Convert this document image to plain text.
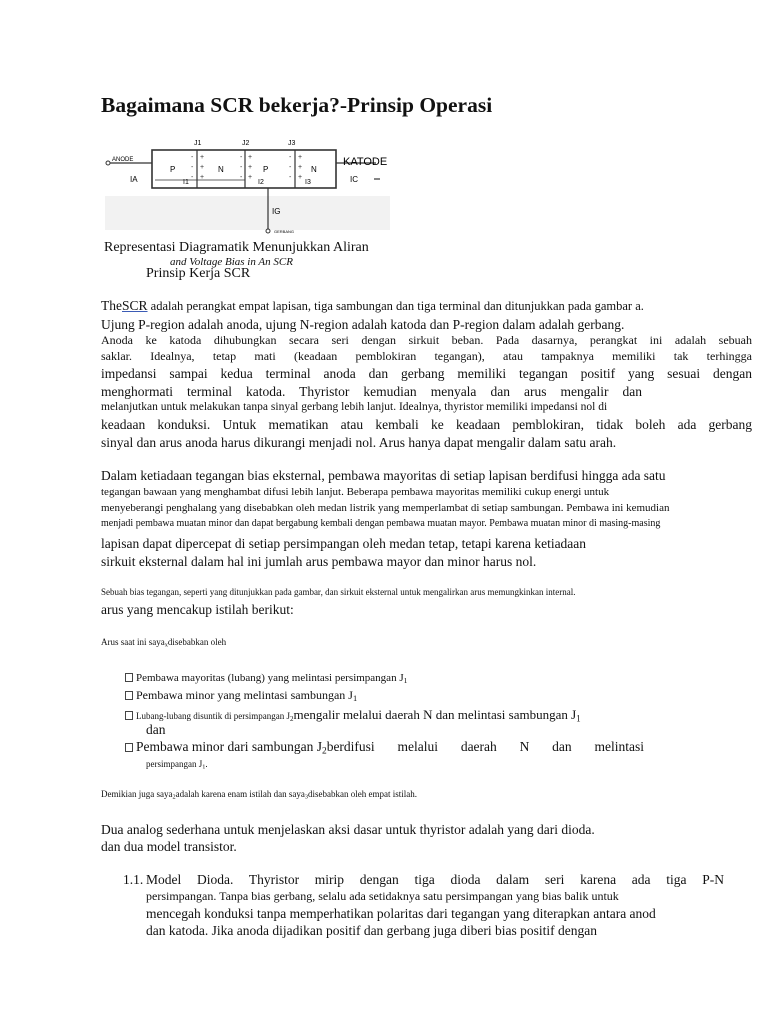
Bagaimana SCR bekerja?-Prinsip Operasi
+
+
+
-
-
-
-
-
-
+
+
+
-
-
-
+
+
+
P	N	P	N
J1	J2	J3
ANODE
IA
KATODE
IC
I1	I2	I3
IG
GERBANG
Representasi Diagramatik Menunjukkan Aliran
and Voltage Bias in An SCR
Prinsip Kerja SCR
TheSCR adalah perangkat empat lapisan, tiga sambungan dan tiga terminal dan ditunjukkan pada gambar a.
Ujung P-region adalah anoda, ujung N-region adalah katoda dan P-region dalam adalah gerbang.
Anoda ke katoda dihubungkan secara seri dengan sirkuit beban. Pada dasarnya, perangkat ini adalah sebuah
saklar. Idealnya, tetap mati (keadaan pemblokiran tegangan), atau tampaknya memiliki tak terhingga
impedansi sampai kedua terminal anoda dan gerbang memiliki tegangan positif yang sesuai dengan
menghormati terminal katoda. Thyristor kemudian menyala dan arus mengalir dan
melanjutkan untuk melakukan tanpa sinyal gerbang lebih lanjut. Idealnya, thyristor memiliki impedansi nol di
keadaan konduksi. Untuk mematikan atau kembali ke keadaan pemblokiran, tidak boleh ada gerbang
sinyal dan arus anoda harus dikurangi menjadi nol. Arus hanya dapat mengalir dalam satu arah.
Dalam ketiadaan tegangan bias eksternal, pembawa mayoritas di setiap lapisan berdifusi hingga ada satu
tegangan bawaan yang menghambat difusi lebih lanjut. Beberapa pembawa mayoritas memiliki cukup energi untuk
menyeberangi penghalang yang disebabkan oleh medan listrik yang memperlambat di setiap sambungan. Pembawa ini kemudian
menjadi pembawa muatan minor dan dapat bergabung kembali dengan pembawa muatan mayor. Pembawa muatan minor di masing-masing
lapisan dapat dipercepat di setiap persimpangan oleh medan tetap, tetapi karena ketiadaan
sirkuit eksternal dalam hal ini jumlah arus pembawa mayor dan minor harus nol.
Sebuah bias tegangan, seperti yang ditunjukkan pada gambar, dan sirkuit eksternal untuk mengalirkan arus memungkinkan internal.
arus yang mencakup istilah berikut:
Arus saat ini saya$_x$disebabkan oleh
Pembawa mayoritas (lubang) yang melintasi persimpangan $J_1$
Pembawa minor yang melintasi sambungan $J_1$
Lubang-lubang disuntik di persimpangan $J_2mengalir$ melalui daerah N dan melintasi sambungan $J_1$
dan
Pembawa minor dari sambungan $J_2$ berdifusi melalui daerah N dan melintasi
persimpangan $J_1$.
Demikian juga saya$_2$adalah karena enam istilah dan saya$_3$disebabkan oleh empat istilah.
Dua analog sederhana untuk menjelaskan aksi dasar untuk thyristor adalah yang dari dioda.
dan dua model transistor.
1.1. Model Dioda. Thyristor mirip dengan tiga dioda dalam seri karena ada tiga P-N
persimpangan. Tanpa bias gerbang, selalu ada setidaknya satu persimpangan yang bias balik untuk
mencegah konduksi tanpa memperhatikan polaritas dari tegangan yang diterapkan antara anod
dan katoda. Jika anoda dijadikan positif dan gerbang juga diberi bias positif dengan
